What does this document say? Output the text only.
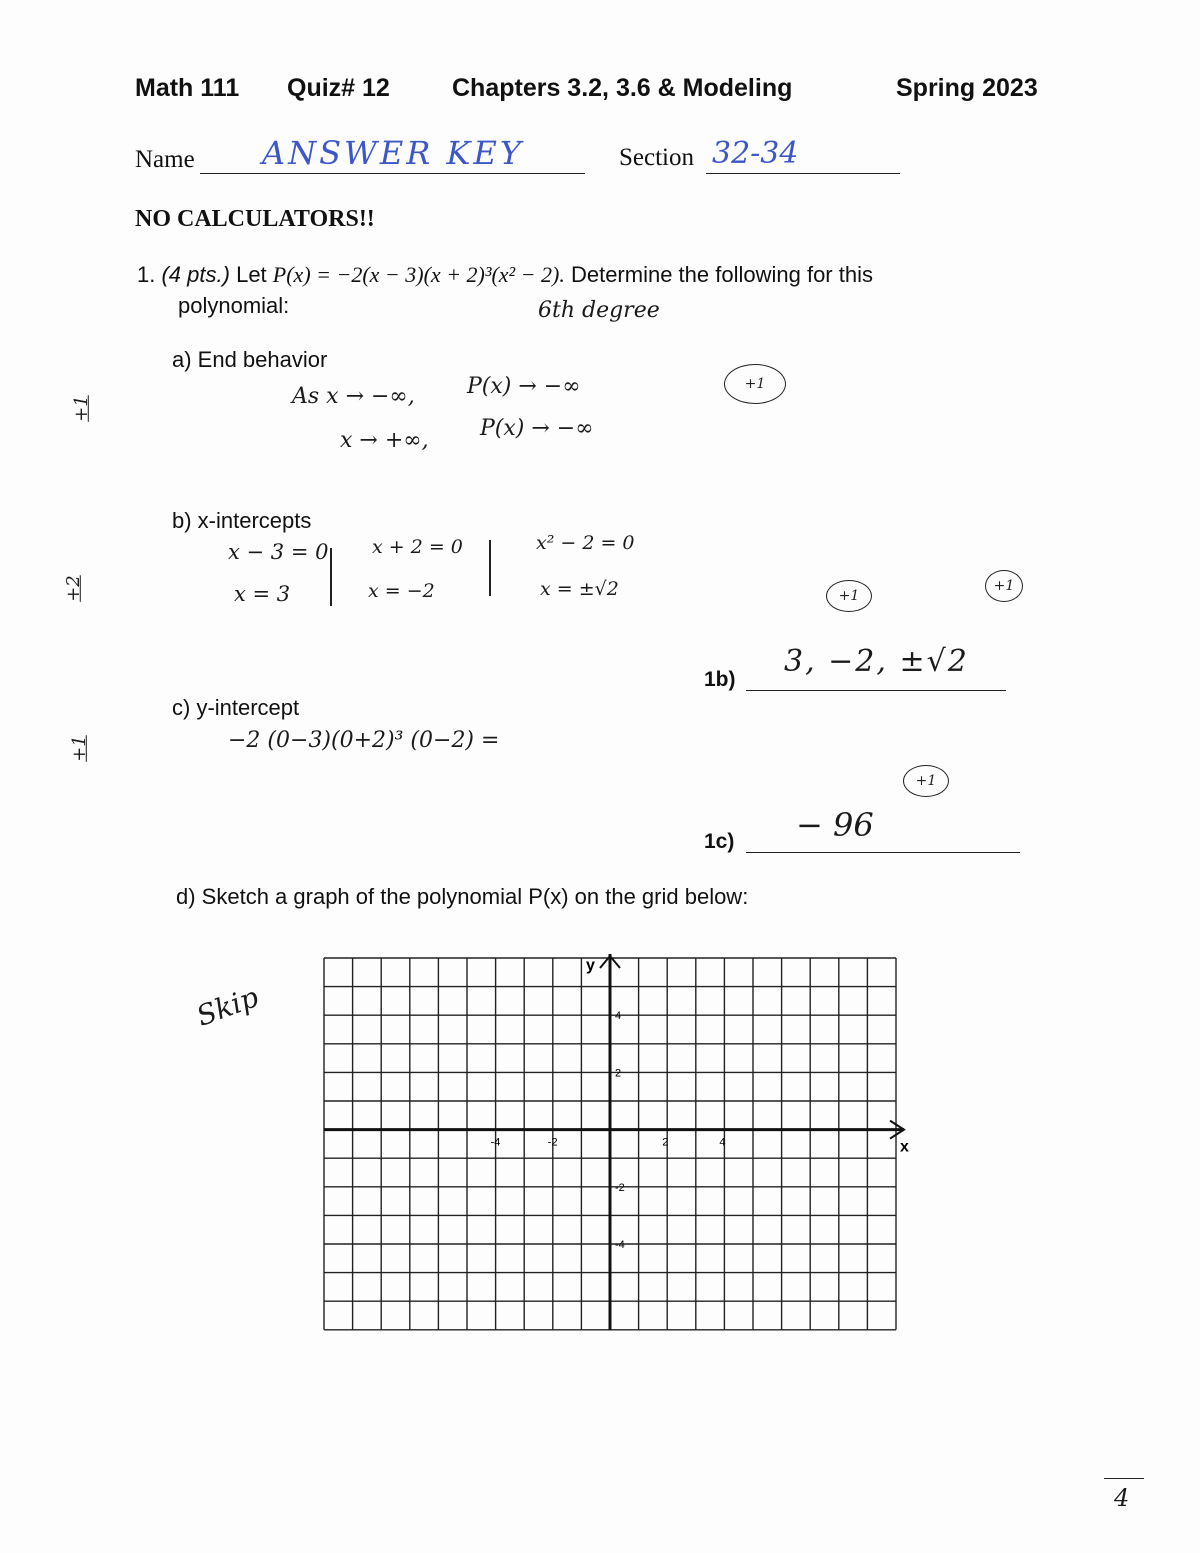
Math 111 Quiz# 12 Chapters 3.2, 3.6 & Modeling	Spring 2023
Name ANSWER KEY	Section 32-34
NO CALCULATORS!!
1. (4 pts.) Let P(x) = −2(x − 3)(x + 2)³(x² − 2). Determine the following for this
polynomial:	6th degree
a) End behavior
As x → −∞, P(x) → −∞
x → +∞, P(x) → −∞
+1
+1
b) x-intercepts
x − 3 = 0
x = 3
x + 2 = 0
x = −2
x² − 2 = 0
x = ±√2	+1
+1
1b)
3, −2, ±√2
+2
c) y-intercept
−2 (0−3)(0+2)³ (0−2) =
+1
1c) − 96
+1
d) Sketch a graph of the polynomial P(x) on the grid below:
Skip
x
y
-4	-2	2	4
4
2
-2
-4
4
